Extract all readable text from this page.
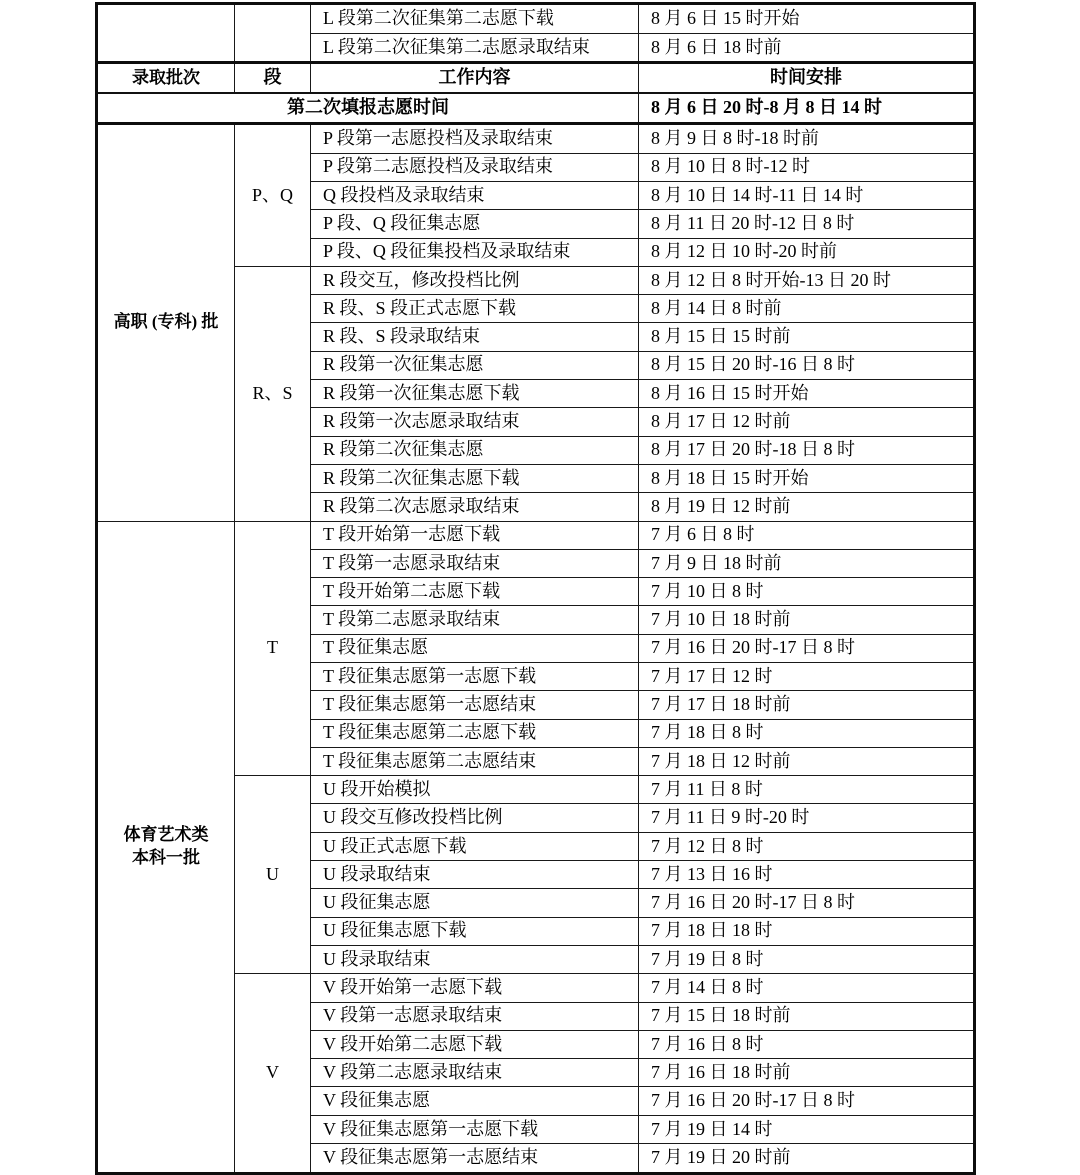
		L 段第二次征集第二志愿下载	8 月 6 日 15 时开始
		L 段第二次征集第二志愿录取结束	8 月 6 日 18 时前
录取批次	段	工作内容	时间安排
第二次填报志愿时间			8 月 6 日 20 时-8 月 8 日 14 时

高职 (专科) 批	P、Q	P 段第一志愿投档及录取结束	8 月 9 日 8 时-18 时前
		P 段第二志愿投档及录取结束	8 月 10 日 8 时-12 时
		Q 段投档及录取结束	8 月 10 日 14 时-11 日 14 时
		P 段、Q 段征集志愿	8 月 11 日 20 时-12 日 8 时
		P 段、Q 段征集投档及录取结束	8 月 12 日 10 时-20 时前
	R、S	R 段交互，修改投档比例	8 月 12 日 8 时开始-13 日 20 时
		R 段、S 段正式志愿下载	8 月 14 日 8 时前
		R 段、S 段录取结束	8 月 15 日 15 时前
		R 段第一次征集志愿	8 月 15 日 20 时-16 日 8 时
		R 段第一次征集志愿下载	8 月 16 日 15 时开始
		R 段第一次志愿录取结束	8 月 17 日 12 时前
		R 段第二次征集志愿	8 月 17 日 20 时-18 日 8 时
		R 段第二次征集志愿下载	8 月 18 日 15 时开始
		R 段第二次志愿录取结束	8 月 19 日 12 时前

体育艺术类
本科一批	T	T 段开始第一志愿下载	7 月 6 日 8 时
		T 段第一志愿录取结束	7 月 9 日 18 时前
		T 段开始第二志愿下载	7 月 10 日 8 时
		T 段第二志愿录取结束	7 月 10 日 18 时前
		T 段征集志愿	7 月 16 日 20 时-17 日 8 时
		T 段征集志愿第一志愿下载	7 月 17 日 12 时
		T 段征集志愿第一志愿结束	7 月 17 日 18 时前
		T 段征集志愿第二志愿下载	7 月 18 日 8 时
		T 段征集志愿第二志愿结束	7 月 18 日 12 时前
	U	U 段开始模拟	7 月 11 日 8 时
		U 段交互修改投档比例	7 月 11 日 9 时-20 时
		U 段正式志愿下载	7 月 12 日 8 时
		U 段录取结束	7 月 13 日 16 时
		U 段征集志愿	7 月 16 日 20 时-17 日 8 时
		U 段征集志愿下载	7 月 18 日 18 时
		U 段录取结束	7 月 19 日 8 时
	V	V 段开始第一志愿下载	7 月 14 日 8 时
		V 段第一志愿录取结束	7 月 15 日 18 时前
		V 段开始第二志愿下载	7 月 16 日 8 时
		V 段第二志愿录取结束	7 月 16 日 18 时前
		V 段征集志愿	7 月 16 日 20 时-17 日 8 时
		V 段征集志愿第一志愿下载	7 月 19 日 14 时
		V 段征集志愿第一志愿结束	7 月 19 日 20 时前
